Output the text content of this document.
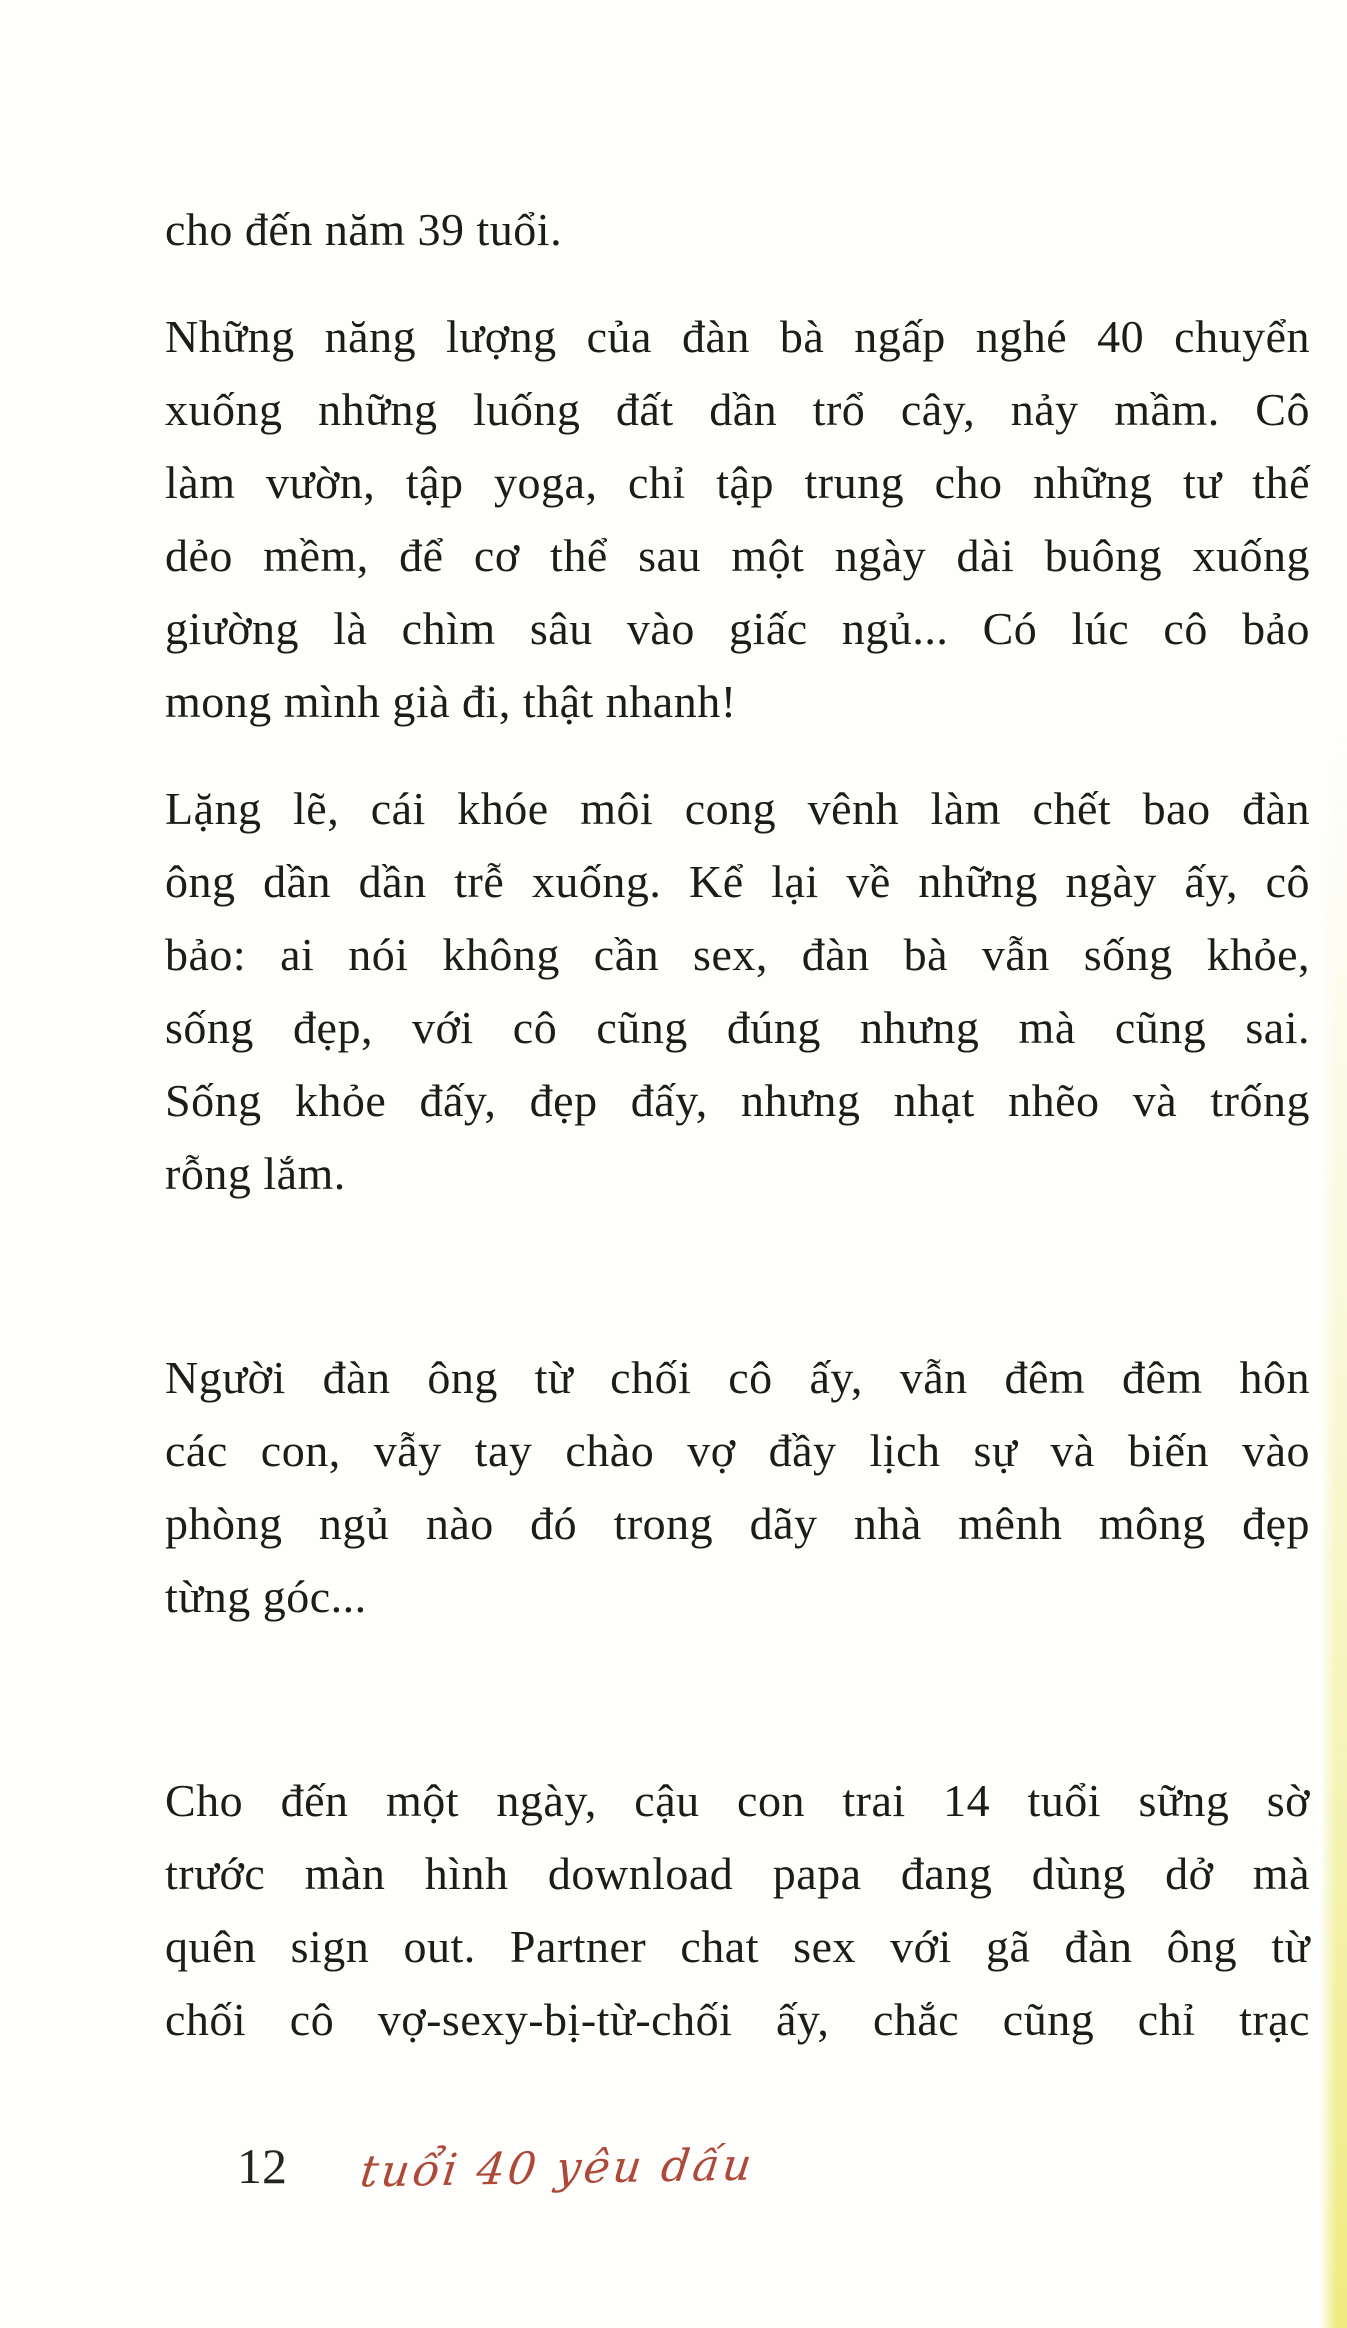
cho đến năm 39 tuổi.
Những năng lượng của đàn bà ngấp nghé 40 chuyển
xuống những luống đất dần trổ cây, nảy mầm. Cô
làm vườn, tập yoga, chỉ tập trung cho những tư thế
dẻo mềm, để cơ thể sau một ngày dài buông xuống
giường là chìm sâu vào giấc ngủ... Có lúc cô bảo
mong mình già đi, thật nhanh!
Lặng lẽ, cái khóe môi cong vênh làm chết bao đàn
ông dần dần trễ xuống. Kể lại về những ngày ấy, cô
bảo: ai nói không cần sex, đàn bà vẫn sống khỏe,
sống đẹp, với cô cũng đúng nhưng mà cũng sai.
Sống khỏe đấy, đẹp đấy, nhưng nhạt nhẽo và trống
rỗng lắm.
Người đàn ông từ chối cô ấy, vẫn đêm đêm hôn
các con, vẫy tay chào vợ đầy lịch sự và biến vào
phòng ngủ nào đó trong dãy nhà mênh mông đẹp
từng góc...
Cho đến một ngày, cậu con trai 14 tuổi sững sờ
trước màn hình download papa đang dùng dở mà
quên sign out. Partner chat sex với gã đàn ông từ
chối cô vợ-sexy-bị-từ-chối ấy, chắc cũng chỉ trạc
12 tuổi 40 yêu dấu
